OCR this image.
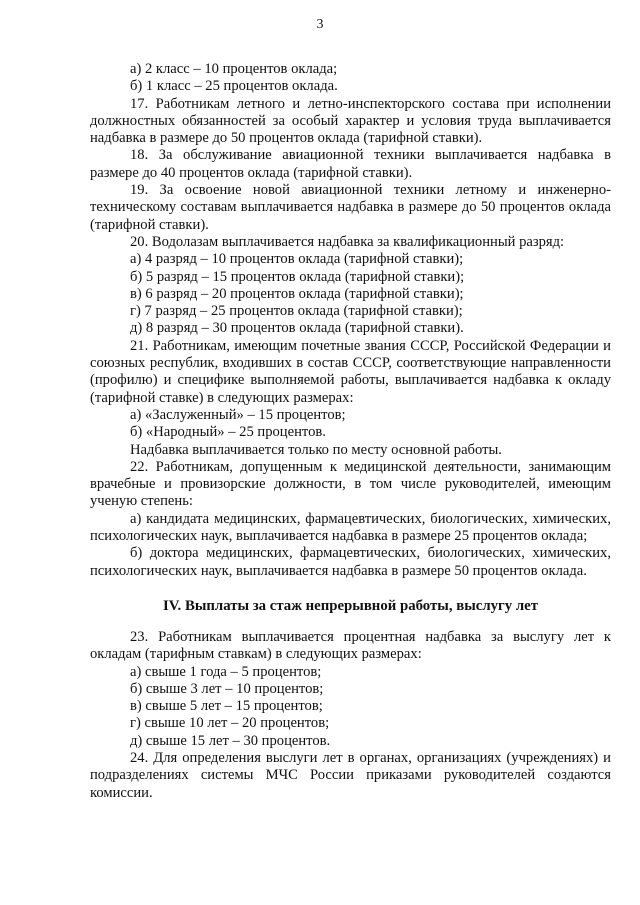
3

а) 2 класс – 10 процентов оклада;

б) 1 класс – 25 процентов оклада.

17. Работникам летного и летно-инспекторского состава при исполнении должностных обязанностей за особый характер и условия труда выплачивается надбавка в размере до 50 процентов оклада (тарифной ставки).

18. За обслуживание авиационной техники выплачивается надбавка в размере до 40 процентов оклада (тарифной ставки).

19. За освоение новой авиационной техники летному и инженерно-техническому составам выплачивается надбавка в размере до 50 процентов оклада (тарифной ставки).

20. Водолазам выплачивается надбавка за квалификационный разряд:

а) 4 разряд – 10 процентов оклада (тарифной ставки);

б) 5 разряд – 15 процентов оклада (тарифной ставки);

в) 6 разряд – 20 процентов оклада (тарифной ставки);

г) 7 разряд – 25 процентов оклада (тарифной ставки);

д) 8 разряд – 30 процентов оклада (тарифной ставки).

21. Работникам, имеющим почетные звания СССР, Российской Федерации и союзных республик, входивших в состав СССР, соответствующие направленности (профилю) и специфике выполняемой работы, выплачивается надбавка к окладу (тарифной ставке) в следующих размерах:

а) «Заслуженный» – 15 процентов;

б) «Народный» – 25 процентов.

Надбавка выплачивается только по месту основной работы.

22. Работникам, допущенным к медицинской деятельности, занимающим врачебные и провизорские должности, в том числе руководителей, имеющим ученую степень:

а) кандидата медицинских, фармацевтических, биологических, химических, психологических наук, выплачивается надбавка в размере 25 процентов оклада;

б) доктора медицинских, фармацевтических, биологических, химических, психологических наук, выплачивается надбавка в размере 50 процентов оклада.

IV. Выплаты за стаж непрерывной работы, выслугу лет

23. Работникам выплачивается процентная надбавка за выслугу лет к окладам (тарифным ставкам) в следующих размерах:

а) свыше 1 года – 5 процентов;

б) свыше 3 лет – 10 процентов;

в) свыше 5 лет – 15 процентов;

г) свыше 10 лет – 20 процентов;

д) свыше 15 лет – 30 процентов.

24. Для определения выслуги лет в органах, организациях (учреждениях) и подразделениях системы МЧС России приказами руководителей создаются комиссии.
